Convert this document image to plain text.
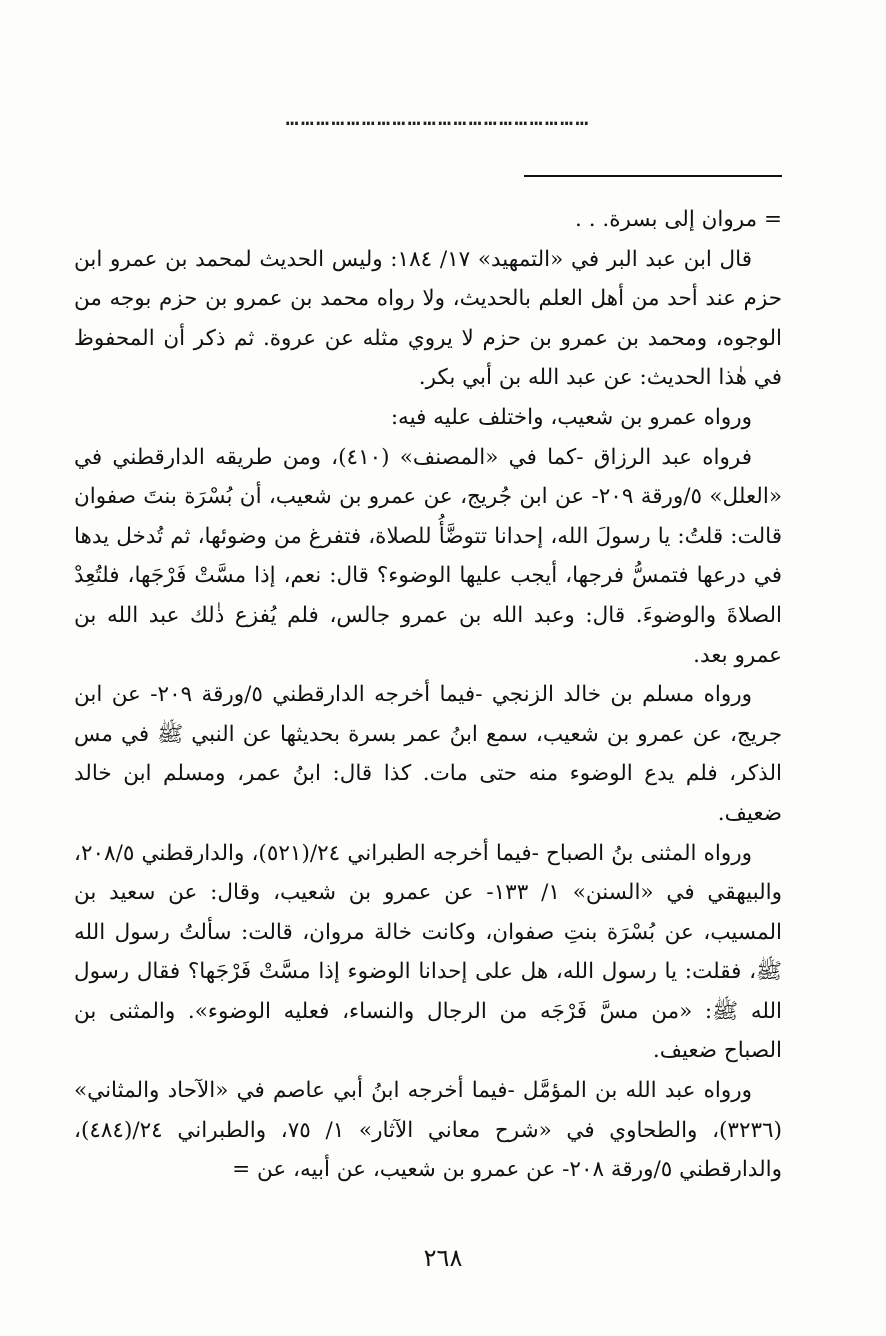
……………………………………………………

= مروان إلى بسرة. . .

قال ابن عبد البر في «التمهيد» ١٧/ ١٨٤: وليس الحديث لمحمد بن عمرو ابن حزم عند أحد من أهل العلم بالحديث، ولا رواه محمد بن عمرو بن حزم بوجه من الوجوه، ومحمد بن عمرو بن حزم لا يروي مثله عن عروة. ثم ذكر أن المحفوظ في هٰذا الحديث: عن عبد الله بن أبي بكر.

ورواه عمرو بن شعيب، واختلف عليه فيه:

فرواه عبد الرزاق -كما في «المصنف» (٤١٠)، ومن طريقه الدارقطني في «العلل» ٥/ورقة ٢٠٩- عن ابن جُريج، عن عمرو بن شعيب، أن بُسْرَة بنتَ صفوان قالت: قلتُ: يا رسولَ الله، إحدانا تتوضَّأُ للصلاة، فتفرغ من وضوئها، ثم تُدخل يدها في درعها فتمسُّ فرجها، أيجب عليها الوضوء؟ قال: نعم، إذا مسَّتْ فَرْجَها، فلتُعِدْ الصلاةَ والوضوءَ. قال: وعبد الله بن عمرو جالس، فلم يُفزع ذٰلك عبد الله بن عمرو بعد.

ورواه مسلم بن خالد الزنجي -فيما أخرجه الدارقطني ٥/ورقة ٢٠٩- عن ابن جريج، عن عمرو بن شعيب، سمع ابنُ عمر بسرة بحديثها عن النبي ﷺ في مس الذكر، فلم يدع الوضوء منه حتى مات. كذا قال: ابنُ عمر، ومسلم ابن خالد ضعيف.

ورواه المثنى بنُ الصباح -فيما أخرجه الطبراني ٢٤/(٥٢١)، والدارقطني ٢٠٨/٥، والبيهقي في «السنن» ١/ ١٣٣- عن عمرو بن شعيب، وقال: عن سعيد بن المسيب، عن بُسْرَة بنتِ صفوان، وكانت خالة مروان، قالت: سألتُ رسول الله ﷺ، فقلت: يا رسول الله، هل على إحدانا الوضوء إذا مسَّتْ فَرْجَها؟ فقال رسول الله ﷺ: «من مسَّ فَرْجَه من الرجال والنساء، فعليه الوضوء». والمثنى بن الصباح ضعيف.

ورواه عبد الله بن المؤمَّل -فيما أخرجه ابنُ أبي عاصم في «الآحاد والمثاني» (٣٢٣٦)، والطحاوي في «شرح معاني الآثار» ١/ ٧٥، والطبراني ٢٤/(٤٨٤)، والدارقطني ٥/ورقة ٢٠٨- عن عمرو بن شعيب، عن أبيه، عن =

٢٦٨
